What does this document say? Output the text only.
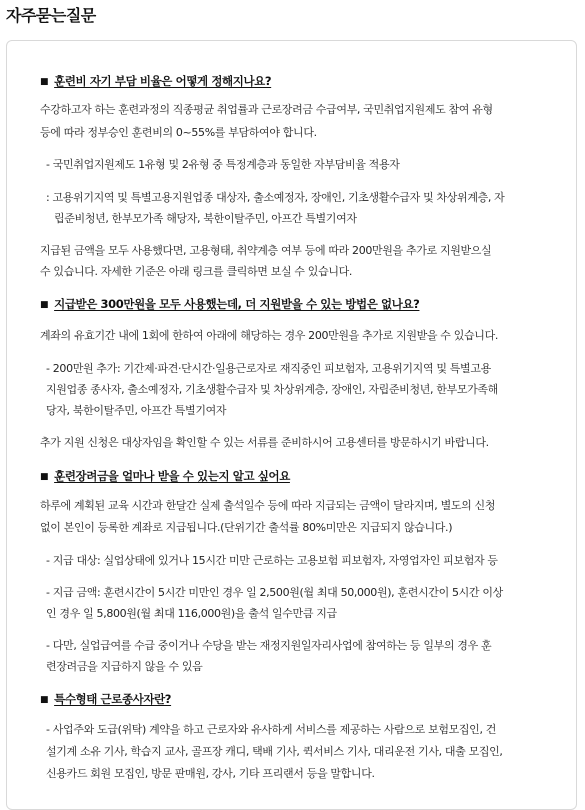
자주묻는질문
■ 훈련비 자기 부담 비율은 어떻게 정해지나요?
수강하고자 하는 훈련과정의 직종평균 취업률과 근로장려금 수급여부, 국민취업지원제도 참여 유형
등에 따라 정부승인 훈련비의 0~55%를 부담하여야 합니다.
- 국민취업지원제도 1유형 및 2유형 중 특정계층과 동일한 자부담비율 적용자
: 고용위기지역 및 특별고용지원업종 대상자, 출소예정자, 장애인, 기초생활수급자 및 차상위계층, 자
립준비청년, 한부모가족 해당자, 북한이탈주민, 아프간 특별기여자
지급된 금액을 모두 사용했다면, 고용형태, 취약계층 여부 등에 따라 200만원을 추가로 지원받으실
수 있습니다. 자세한 기준은 아래 링크를 클릭하면 보실 수 있습니다.
■ 지급받은 300만원을 모두 사용했는데, 더 지원받을 수 있는 방법은 없나요?
계좌의 유효기간 내에 1회에 한하여 아래에 해당하는 경우 200만원을 추가로 지원받을 수 있습니다.
- 200만원 추가: 기간제·파견·단시간·일용근로자로 재직중인 피보험자, 고용위기지역 및 특별고용
지원업종 종사자, 출소예정자, 기초생활수급자 및 차상위계층, 장애인, 자립준비청년, 한부모가족해
당자, 북한이탈주민, 아프간 특별기여자
추가 지원 신청은 대상자임을 확인할 수 있는 서류를 준비하시어 고용센터를 방문하시기 바랍니다.
■ 훈련장려금을 얼마나 받을 수 있는지 알고 싶어요
하루에 계획된 교육 시간과 한달간 실제 출석일수 등에 따라 지급되는 금액이 달라지며, 별도의 신청
없이 본인이 등록한 계좌로 지급됩니다.(단위기간 출석률 80%미만은 지급되지 않습니다.)
- 지급 대상: 실업상태에 있거나 15시간 미만 근로하는 고용보험 피보험자, 자영업자인 피보험자 등
- 지급 금액: 훈련시간이 5시간 미만인 경우 일 2,500원(월 최대 50,000원), 훈련시간이 5시간 이상
인 경우 일 5,800원(월 최대 116,000원)을 출석 일수만큼 지급
- 다만, 실업급여를 수급 중이거나 수당을 받는 재정지원일자리사업에 참여하는 등 일부의 경우 훈
련장려금을 지급하지 않을 수 있음
■ 특수형태 근로종사자란?
- 사업주와 도급(위탁) 계약을 하고 근로자와 유사하게 서비스를 제공하는 사람으로 보험모집인, 건
설기계 소유 기사, 학습지 교사, 골프장 캐디, 택배 기사, 퀵서비스 기사, 대리운전 기사, 대출 모집인,
신용카드 회원 모집인, 방문 판매원, 강사, 기타 프리랜서 등을 말합니다.
